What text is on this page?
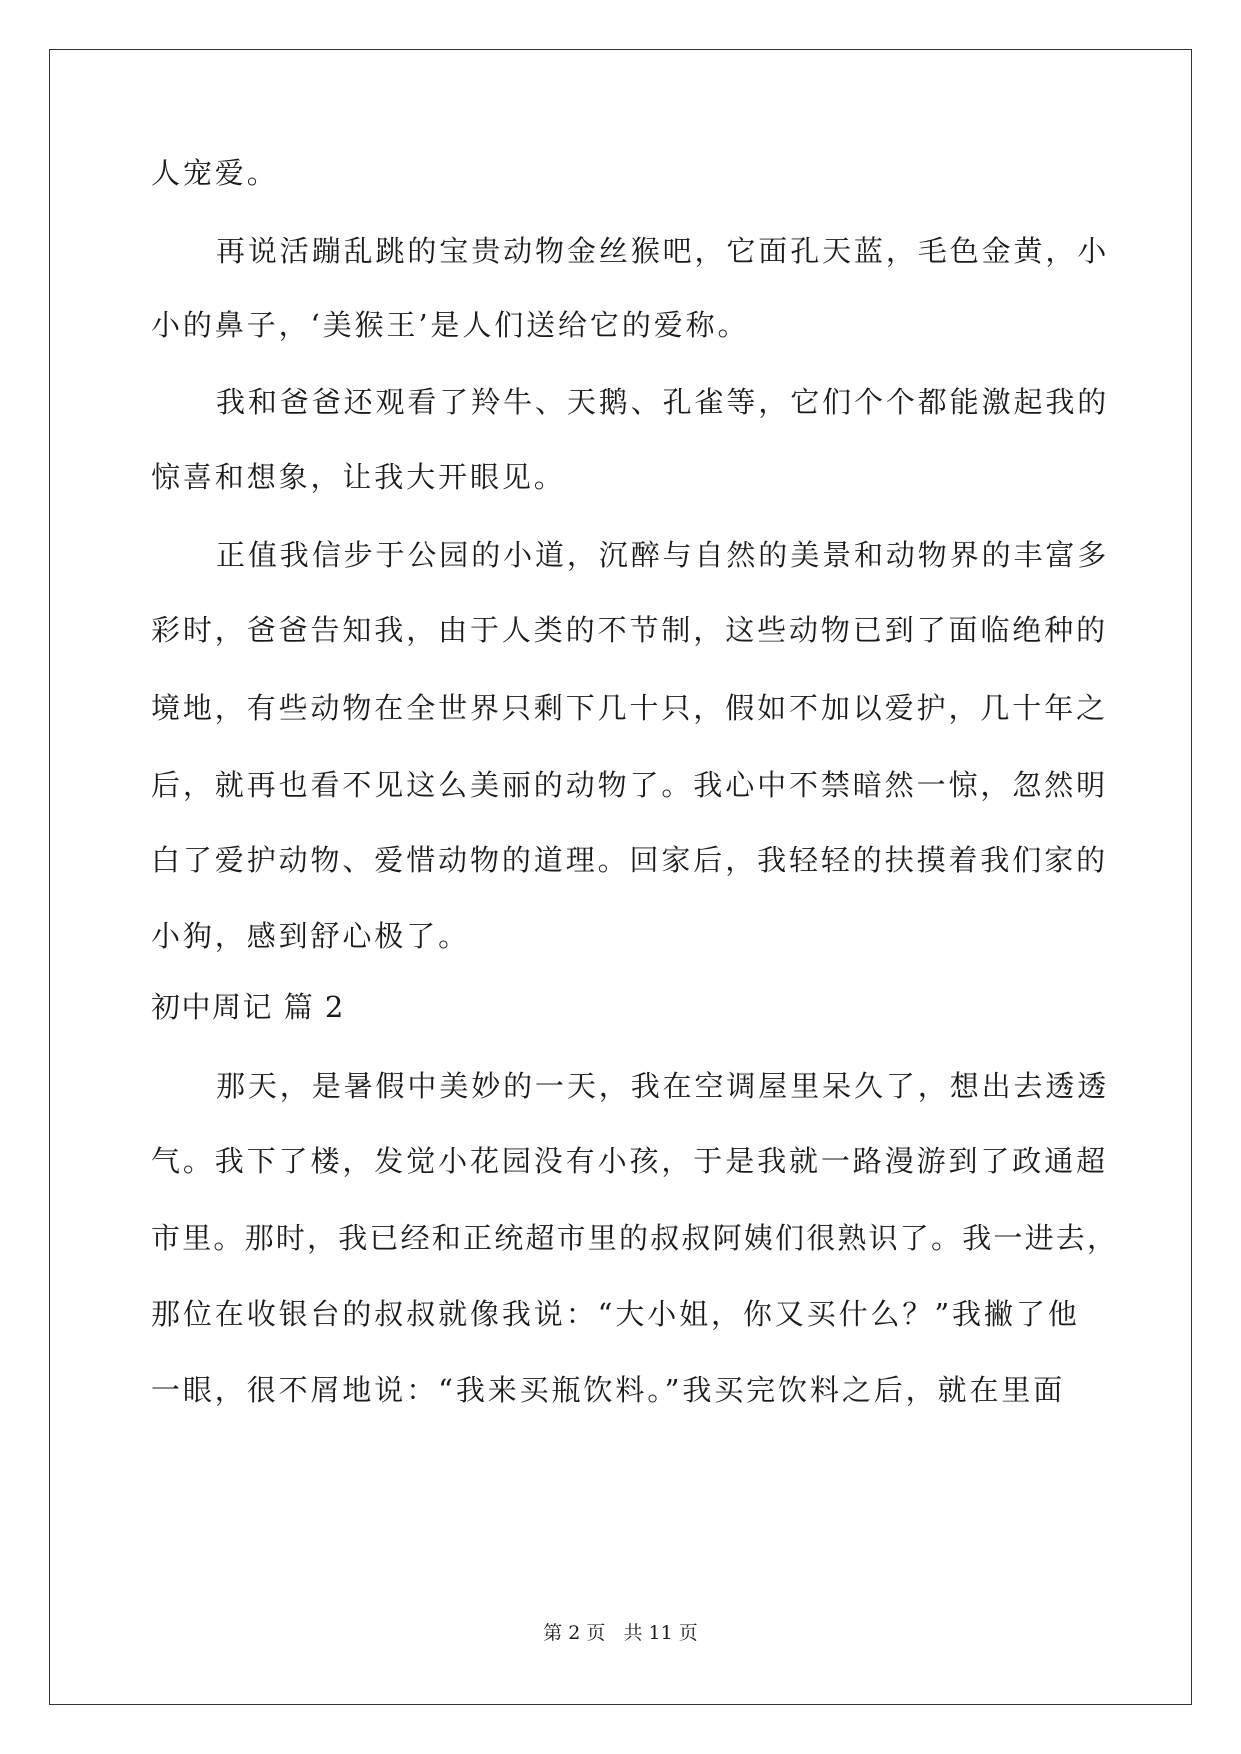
人宠爱。
再说活蹦乱跳的宝贵动物金丝猴吧，它面孔天蓝，毛色金黄，小
小的鼻子，‘美猴王’是人们送给它的爱称。
我和爸爸还观看了羚牛、天鹅、孔雀等，它们个个都能激起我的
惊喜和想象，让我大开眼见。
正值我信步于公园的小道，沉醉与自然的美景和动物界的丰富多
彩时，爸爸告知我，由于人类的不节制，这些动物已到了面临绝种的
境地，有些动物在全世界只剩下几十只，假如不加以爱护，几十年之
后，就再也看不见这么美丽的动物了。我心中不禁暗然一惊，忽然明
白了爱护动物、爱惜动物的道理。回家后，我轻轻的扶摸着我们家的
小狗，感到舒心极了。
初中周记 篇 2
那天，是暑假中美妙的一天，我在空调屋里呆久了，想出去透透
气。我下了楼，发觉小花园没有小孩，于是我就一路漫游到了政通超
市里。那时，我已经和正统超市里的叔叔阿姨们很熟识了。我一进去，
那位在收银台的叔叔就像我说：“大小姐，你又买什么？”我撇了他
一眼，很不屑地说：“我来买瓶饮料。”我买完饮料之后，就在里面
第 2 页 共 11 页
